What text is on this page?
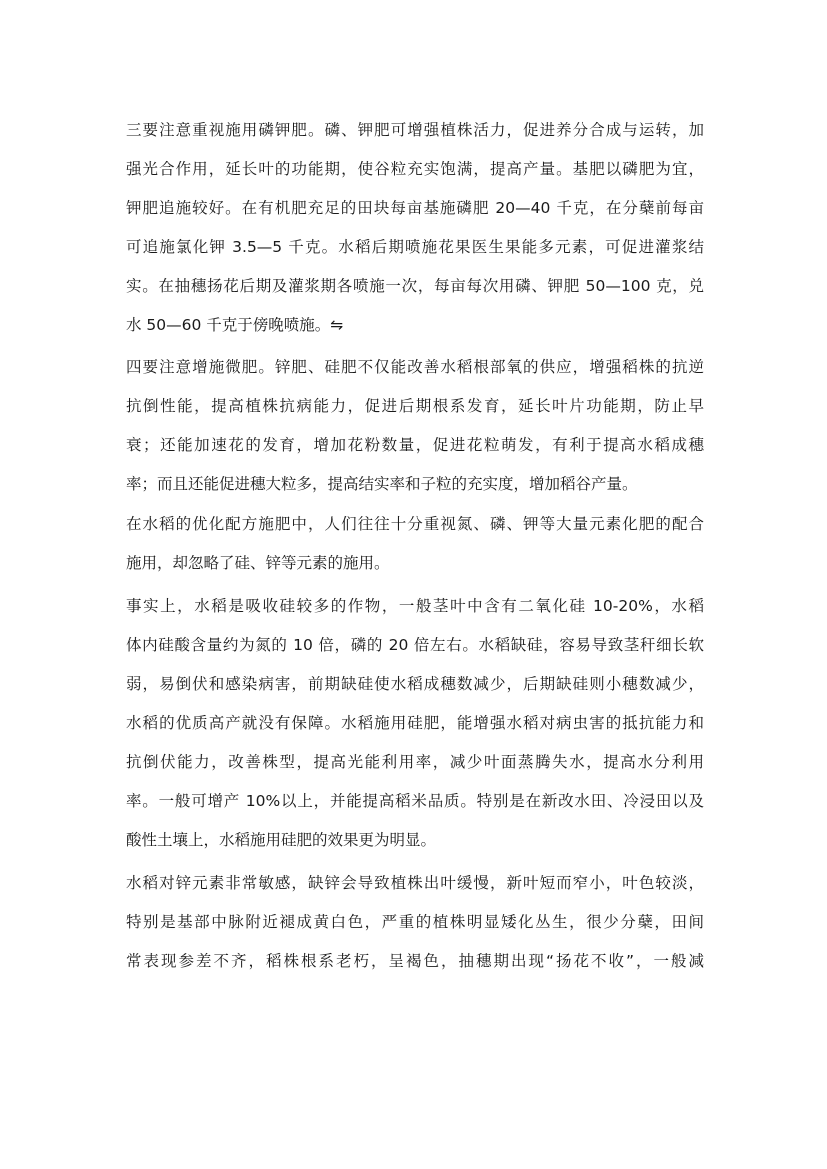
三要注意重视施用磷钾肥。磷、钾肥可增强植株活力，促进养分合成与运转，加
强光合作用，延长叶的功能期，使谷粒充实饱满，提高产量。基肥以磷肥为宜，
钾肥追施较好。在有机肥充足的田块每亩基施磷肥 20—40 千克，在分蘖前每亩
可追施氯化钾 3.5—5 千克。水稻后期喷施花果医生果能多元素，可促进灌浆结
实。在抽穗扬花后期及灌浆期各喷施一次，每亩每次用磷、钾肥 50—100 克，兑
水 50—60 千克于傍晚喷施。⇋
四要注意增施微肥。锌肥、硅肥不仅能改善水稻根部氧的供应，增强稻株的抗逆
抗倒性能，提高植株抗病能力，促进后期根系发育，延长叶片功能期，防止早
衰；还能加速花的发育，增加花粉数量，促进花粒萌发，有利于提高水稻成穗
率；而且还能促进穗大粒多，提高结实率和子粒的充实度，增加稻谷产量。
在水稻的优化配方施肥中，人们往往十分重视氮、磷、钾等大量元素化肥的配合
施用，却忽略了硅、锌等元素的施用。
事实上，水稻是吸收硅较多的作物，一般茎叶中含有二氧化硅 10-20%，水稻
体内硅酸含量约为氮的 10 倍，磷的 20 倍左右。水稻缺硅，容易导致茎秆细长软
弱，易倒伏和感染病害，前期缺硅使水稻成穗数减少，后期缺硅则小穗数减少，
水稻的优质高产就没有保障。水稻施用硅肥，能增强水稻对病虫害的抵抗能力和
抗倒伏能力，改善株型，提高光能利用率，减少叶面蒸腾失水，提高水分利用
率。一般可增产 10%以上，并能提高稻米品质。特别是在新改水田、冷浸田以及
酸性土壤上，水稻施用硅肥的效果更为明显。
水稻对锌元素非常敏感，缺锌会导致植株出叶缓慢，新叶短而窄小，叶色较淡，
特别是基部中脉附近褪成黄白色，严重的植株明显矮化丛生，很少分蘖，田间
常表现参差不齐，稻株根系老朽，呈褐色，抽穗期出现“扬花不收”，一般减
